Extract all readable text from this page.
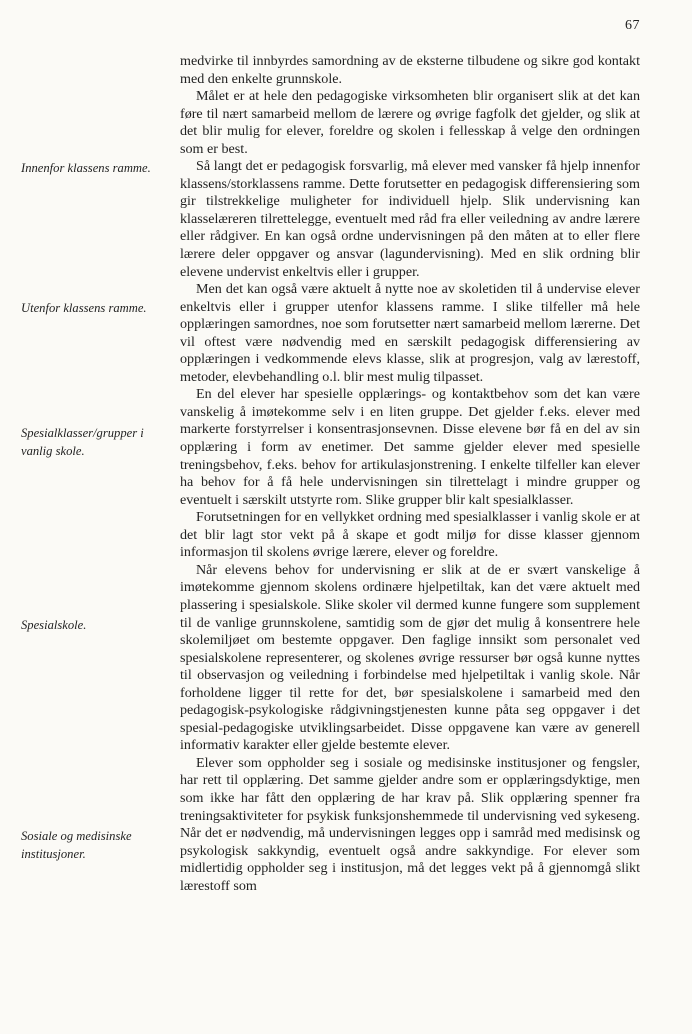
67
Innenfor klassens ramme.
Utenfor klassens ramme.
Spesialklasser/grupper i vanlig skole.
Spesialskole.
Sosiale og medisinske institusjoner.

medvirke til innbyrdes samordning av de eksterne tilbudene og sikre god kontakt med den enkelte grunnskole.

Målet er at hele den pedagogiske virksomheten blir organisert slik at det kan føre til nært samarbeid mellom de lærere og øvrige fagfolk det gjelder, og slik at det blir mulig for elever, foreldre og skolen i fellesskap å velge den ordningen som er best.

Så langt det er pedagogisk forsvarlig, må elever med vansker få hjelp innenfor klassens/storklassens ramme. Dette forutsetter en pedagogisk differensiering som gir tilstrekkelige muligheter for individuell hjelp. Slik undervisning kan klasselæreren tilrettelegge, eventuelt med råd fra eller veiledning av andre lærere eller rådgiver. En kan også ordne undervisningen på den måten at to eller flere lærere deler oppgaver og ansvar (lagundervisning). Med en slik ordning blir elevene undervist enkeltvis eller i grupper.

Men det kan også være aktuelt å nytte noe av skoletiden til å undervise elever enkeltvis eller i grupper utenfor klassens ramme. I slike tilfeller må hele opplæringen samordnes, noe som forutsetter nært samarbeid mellom lærerne. Det vil oftest være nødvendig med en særskilt pedagogisk differensiering av opplæringen i vedkommende elevs klasse, slik at progresjon, valg av lærestoff, metoder, elevbehandling o.l. blir mest mulig tilpasset.

En del elever har spesielle opplærings- og kontaktbehov som det kan være vanskelig å imøtekomme selv i en liten gruppe. Det gjelder f.eks. elever med markerte forstyrrelser i konsentrasjonsevnen. Disse elevene bør få en del av sin opplæring i form av enetimer. Det samme gjelder elever med spesielle treningsbehov, f.eks. behov for artikulasjonstrening. I enkelte tilfeller kan elever ha behov for å få hele undervisningen sin tilrettelagt i mindre grupper og eventuelt i særskilt utstyrte rom. Slike grupper blir kalt spesialklasser.

Forutsetningen for en vellykket ordning med spesialklasser i vanlig skole er at det blir lagt stor vekt på å skape et godt miljø for disse klasser gjennom informasjon til skolens øvrige lærere, elever og foreldre.

Når elevens behov for undervisning er slik at de er svært vanskelige å imøtekomme gjennom skolens ordinære hjelpetiltak, kan det være aktuelt med plassering i spesialskole. Slike skoler vil dermed kunne fungere som supplement til de vanlige grunnskolene, samtidig som de gjør det mulig å konsentrere hele skolemiljøet om bestemte oppgaver. Den faglige innsikt som personalet ved spesialskolene representerer, og skolenes øvrige ressurser bør også kunne nyttes til observasjon og veiledning i forbindelse med hjelpetiltak i vanlig skole. Når forholdene ligger til rette for det, bør spesialskolene i samarbeid med den pedagogisk-psykologiske rådgivningstjenesten kunne påta seg oppgaver i det spesial-pedagogiske utviklingsarbeidet. Disse oppgavene kan være av generell informativ karakter eller gjelde bestemte elever.

Elever som oppholder seg i sosiale og medisinske institusjoner og fengsler, har rett til opplæring. Det samme gjelder andre som er opplæringsdyktige, men som ikke har fått den opplæring de har krav på. Slik opplæring spenner fra treningsaktiviteter for psykisk funksjonshemmede til undervisning ved sykeseng. Når det er nødvendig, må undervisningen legges opp i samråd med medisinsk og psykologisk sakkyndig, eventuelt også andre sakkyndige. For elever som midlertidig oppholder seg i institusjon, må det legges vekt på å gjennomgå slikt lærestoff som
